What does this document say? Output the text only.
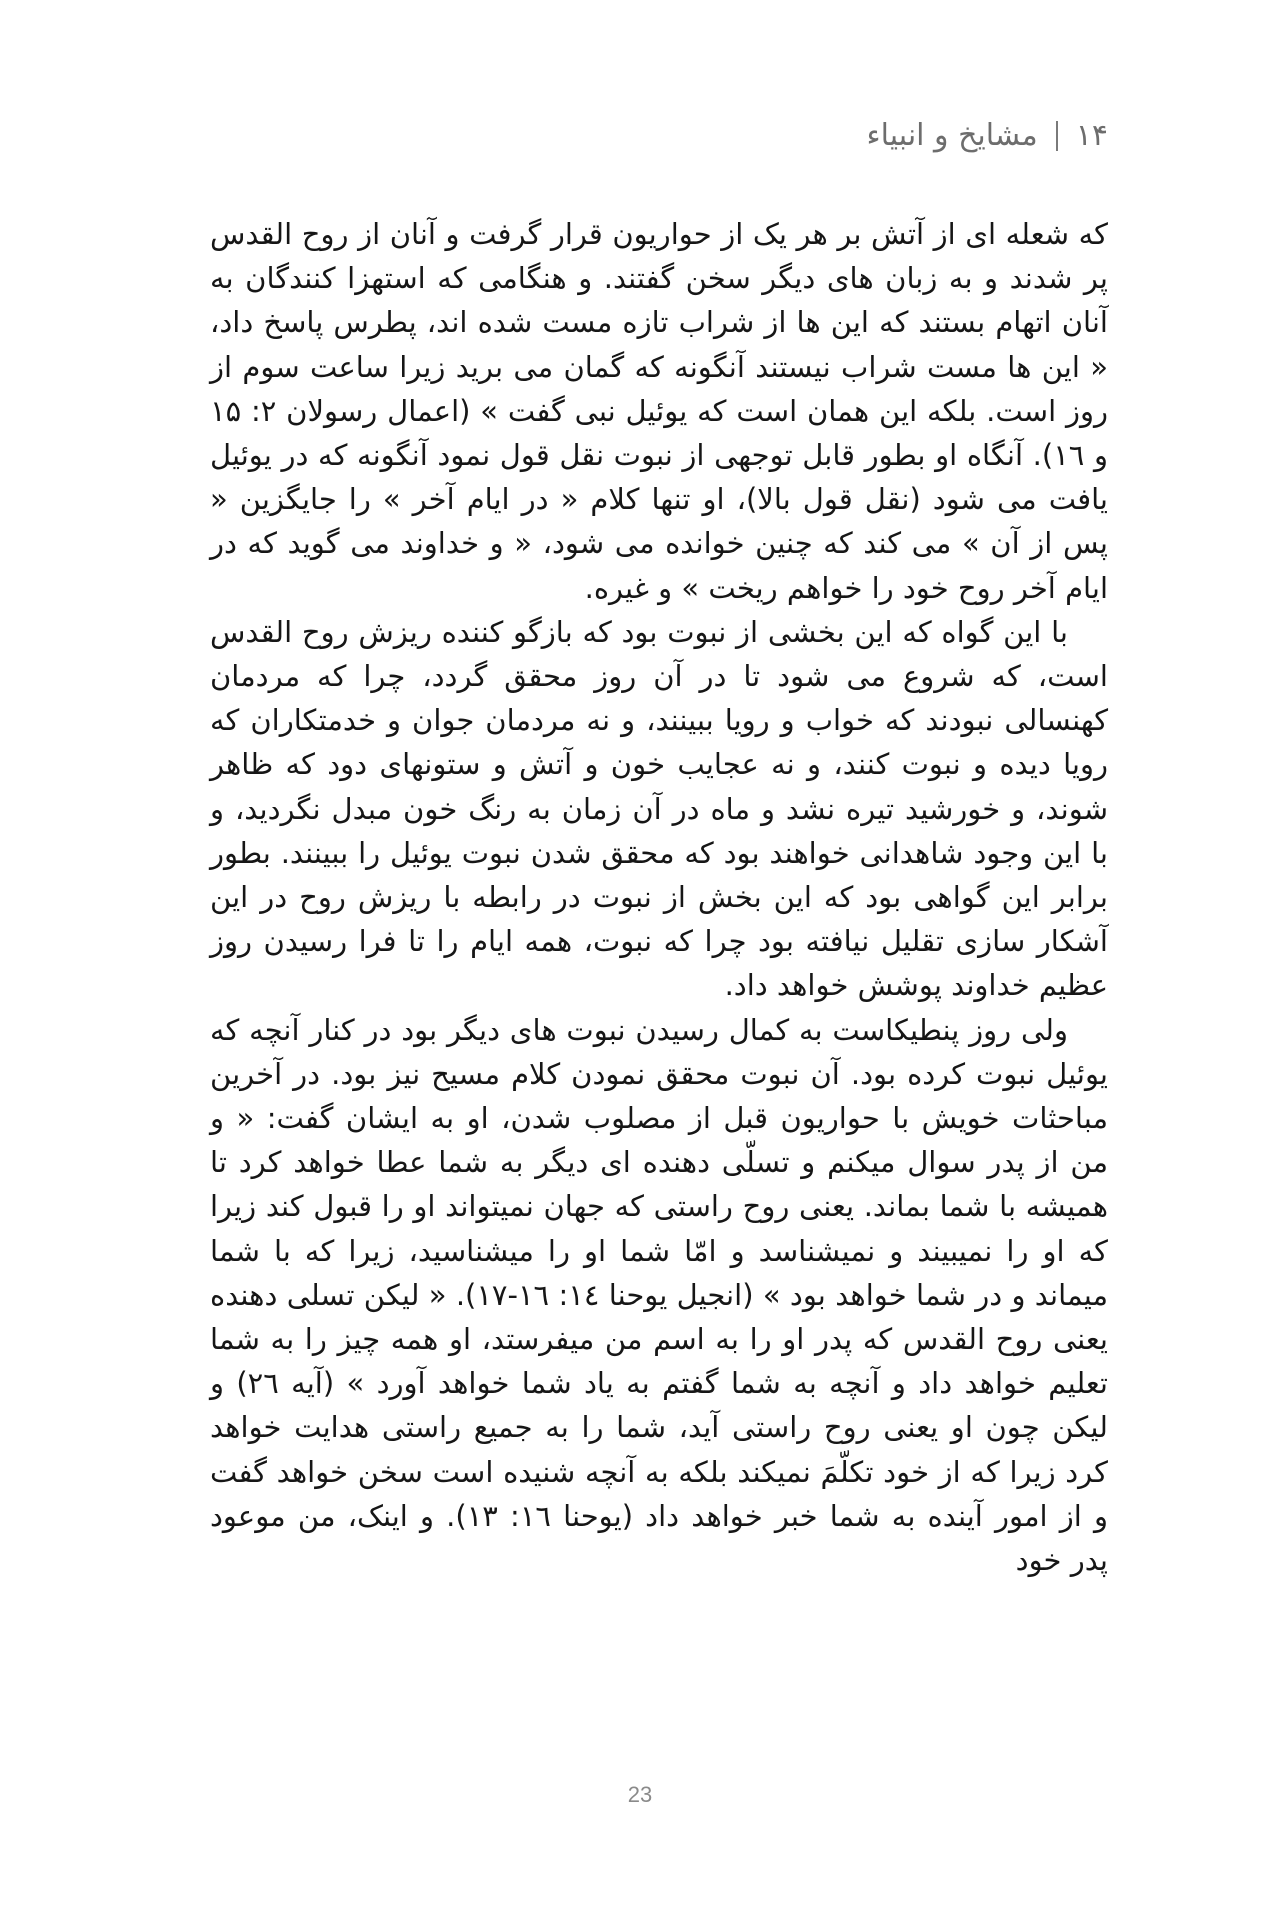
۱۴
مشایخ و انبیاء

که شعله ای از آتش بر هر یک از حواریون قرار گرفت و آنان از روح القدس پر شدند و به زبان های دیگر سخن گفتند. و هنگامی که استهزا کنندگان به آنان اتهام بستند که این ها از شراب تازه مست شده اند، پطرس پاسخ داد، « این ها مست شراب نیستند آنگونه که گمان می برید زیرا ساعت سوم از روز است. بلکه این همان است که یوئیل نبی گفت » (اعمال رسولان ۲: ۱۵ و ۱٦). آنگاه او بطور قابل توجهی از نبوت نقل قول نمود آنگونه که در یوئیل یافت می شود (نقل قول بالا)، او تنها کلام « در ایام آخر » را جایگزین « پس از آن » می کند که چنین خوانده می شود، « و خداوند می گوید که در ایام آخر روح خود را خواهم ریخت » و غیره.

با این گواه که این بخشی از نبوت بود که بازگو کننده ریزش روح القدس است، که شروع می شود تا در آن روز محقق گردد، چرا که مردمان کهنسالی نبودند که خواب و رویا ببینند، و نه مردمان جوان و خدمتکاران که رویا دیده و نبوت کنند، و نه عجایب خون و آتش و ستونهای دود که ظاهر شوند، و خورشید تیره نشد و ماه در آن زمان به رنگ خون مبدل نگردید، و با این وجود شاهدانی خواهند بود که محقق شدن نبوت یوئیل را ببینند. بطور برابر این گواهی بود که این بخش از نبوت در رابطه با ریزش روح در این آشکار سازی تقلیل نیافته بود چرا که نبوت، همه ایام را تا فرا رسیدن روز عظیم خداوند پوشش خواهد داد.

ولی روز پنطیکاست به کمال رسیدن نبوت های دیگر بود در کنار آنچه که یوئیل نبوت کرده بود. آن نبوت محقق نمودن کلام مسیح نیز بود. در آخرین مباحثات خویش با حواریون قبل از مصلوب شدن، او به ایشان گفت: « و من از پدر سوال میکنم و تسلّی دهنده ای دیگر به شما عطا خواهد کرد تا همیشه با شما بماند. یعنی روح راستی که جهان نمیتواند او را قبول کند زیرا که او را نمیبیند و نمیشناسد و امّا شما او را میشناسید، زیرا که با شما میماند و در شما خواهد بود » (انجیل یوحنا ۱٤: ۱٦-۱۷). « لیکن تسلی دهنده یعنی روح القدس که پدر او را به اسم من میفرستد، او همه چیز را به شما تعلیم خواهد داد و آنچه به شما گفتم به یاد شما خواهد آورد » (آیه ۲٦) و لیکن چون او یعنی روح راستی آید، شما را به جمیع راستی هدایت خواهد کرد زیرا که از خود تکلّمَ نمیکند بلکه به آنچه شنیده است سخن خواهد گفت و از امور آینده به شما خبر خواهد داد (یوحنا ۱٦: ۱۳). و اینک، من موعود پدر خود

23
